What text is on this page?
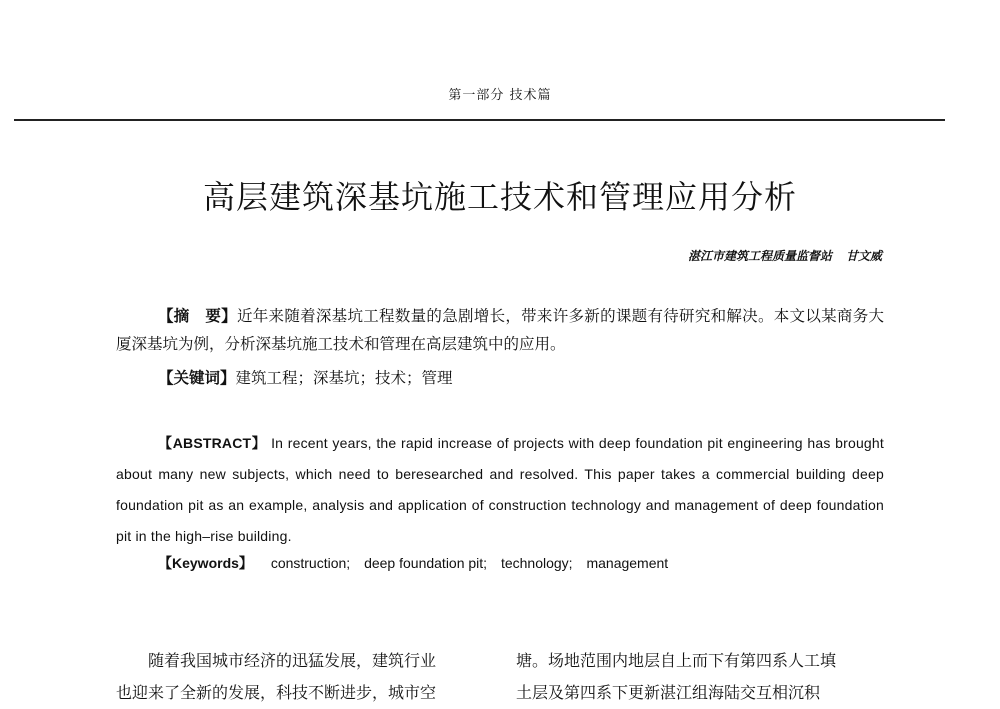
第一部分 技术篇
高层建筑深基坑施工技术和管理应用分析
湛江市建筑工程质量监督站 甘文威
【摘　要】近年来随着深基坑工程数量的急剧增长，带来许多新的课题有待研究和解决。本文以某商务大厦深基坑为例，分析深基坑施工技术和管理在高层建筑中的应用。
【关键词】建筑工程；深基坑；技术；管理
【ABSTRACT】 In recent years, the rapid increase of projects with deep foundation pit engineering has brought about many new subjects, which need to beresearched and resolved. This paper takes a commercial building deep foundation pit as an example, analysis and application of construction technology and management of deep foundation pit in the high–rise building.
【Keywords】 construction; deep foundation pit; technology; management

随着我国城市经济的迅猛发展，建筑行业

也迎来了全新的发展，科技不断进步，城市空

塘。场地范围内地层自上而下有第四系人工填

土层及第四系下更新湛江组海陆交互相沉积
